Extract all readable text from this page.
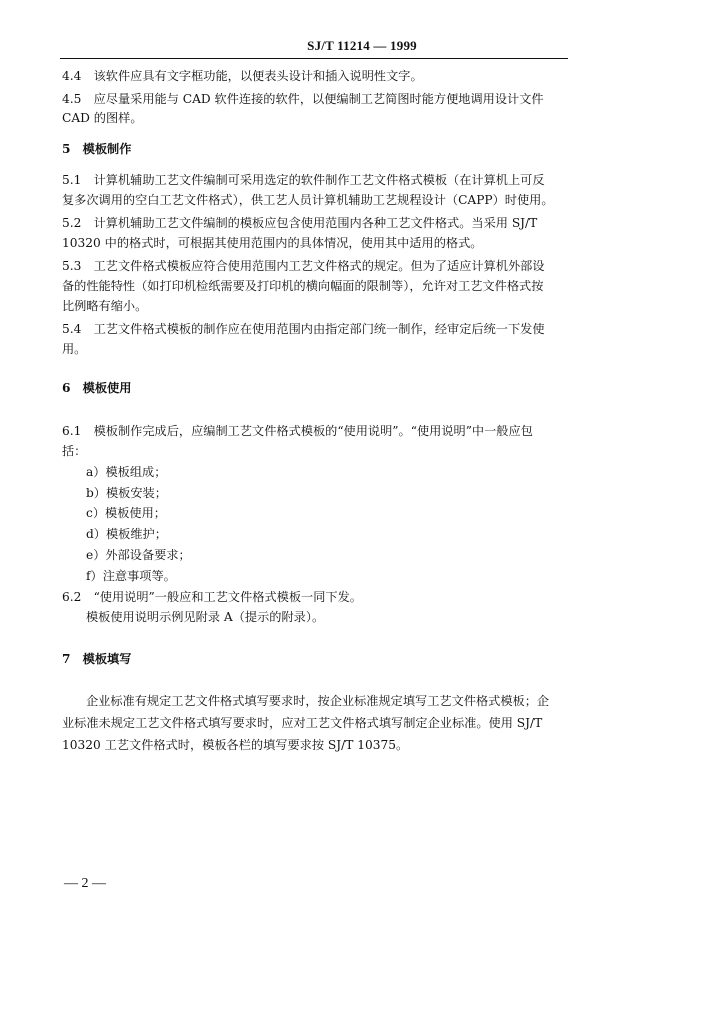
SJ/T 11214 — 1999
4.4　该软件应具有文字框功能，以便表头设计和插入说明性文字。
4.5　应尽量采用能与 CAD 软件连接的软件，以便编制工艺简图时能方便地调用设计文件
CAD 的图样。
5　模板制作
5.1　计算机辅助工艺文件编制可采用选定的软件制作工艺文件格式模板（在计算机上可反
复多次调用的空白工艺文件格式），供工艺人员计算机辅助工艺规程设计（CAPP）时使用。
5.2　计算机辅助工艺文件编制的模板应包含使用范围内各种工艺文件格式。当采用 SJ/T
10320 中的格式时，可根据其使用范围内的具体情况，使用其中适用的格式。
5.3　工艺文件格式模板应符合使用范围内工艺文件格式的规定。但为了适应计算机外部设
备的性能特性（如打印机检纸需要及打印机的横向幅面的限制等），允许对工艺文件格式按
比例略有缩小。
5.4　工艺文件格式模板的制作应在使用范围内由指定部门统一制作，经审定后统一下发使
用。
6　模板使用
6.1　模板制作完成后，应编制工艺文件格式模板的“使用说明”。“使用说明”中一般应包
括：
a）模板组成；
b）模板安装；
c）模板使用；
d）模板维护；
e）外部设备要求；
f）注意事项等。
6.2　“使用说明”一般应和工艺文件格式模板一同下发。
模板使用说明示例见附录 A（提示的附录）。
7　模板填写
企业标准有规定工艺文件格式填写要求时，按企业标准规定填写工艺文件格式模板；企
业标准未规定工艺文件格式填写要求时，应对工艺文件格式填写制定企业标准。使用 SJ/T
10320 工艺文件格式时，模板各栏的填写要求按 SJ/T 10375。
— 2 —
